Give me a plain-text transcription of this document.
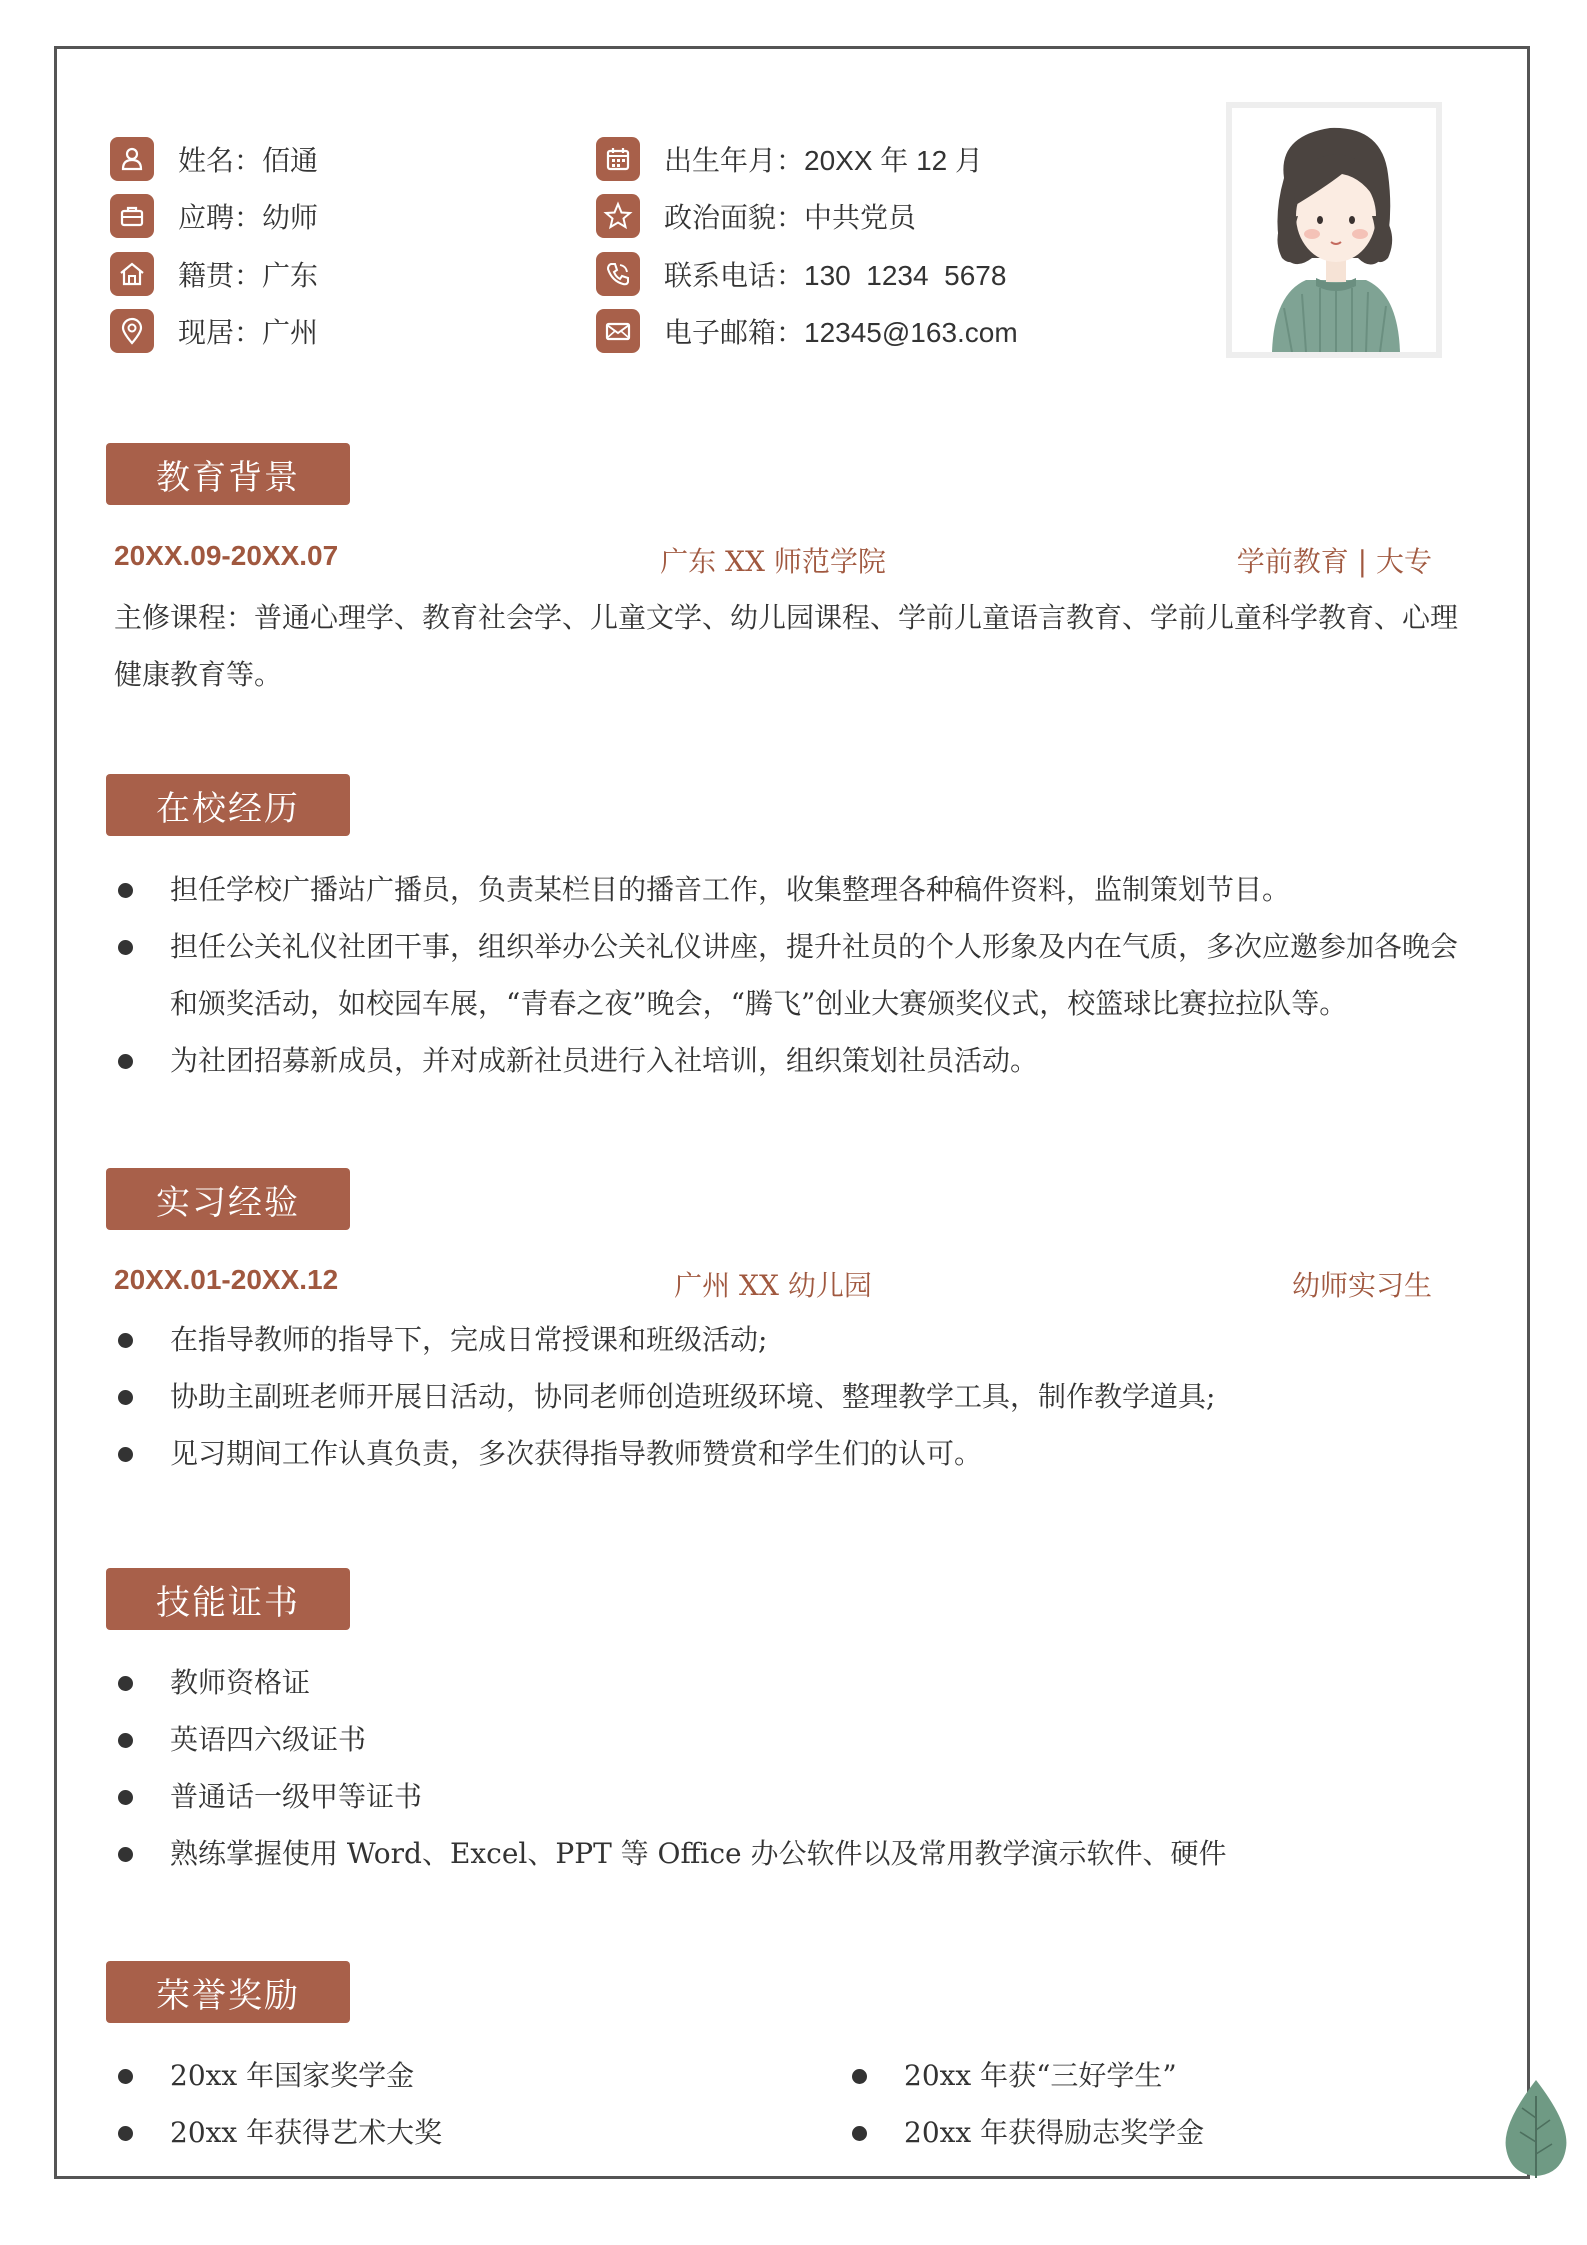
姓名： 佰通
应聘： 幼师
籍贯： 广东
现居： 广州
出生年月： 20XX 年 12 月
政治面貌： 中共党员
联系电话： 130  1234  5678
电子邮箱： 12345@163.com
教育背景
20XX.09-20XX.07	广东 XX 师范学院	学前教育 | 大专
主修课程：普通心理学、教育社会学、儿童文学、幼儿园课程、学前儿童语言教育、学前儿童科学教育、心理健康教育等。
在校经历
担任学校广播站广播员，负责某栏目的播音工作，收集整理各种稿件资料，监制策划节目。
担任公关礼仪社团干事，组织举办公关礼仪讲座，提升社员的个人形象及内在气质，多次应邀参加各晚会和颁奖活动，如校园车展，“青春之夜”晚会，“腾飞”创业大赛颁奖仪式，校篮球比赛拉拉队等。
为社团招募新成员，并对成新社员进行入社培训，组织策划社员活动。
实习经验
20XX.01-20XX.12	广州 XX 幼儿园	幼师实习生
在指导教师的指导下，完成日常授课和班级活动;
协助主副班老师开展日活动，协同老师创造班级环境、整理教学工具，制作教学道具;
见习期间工作认真负责，多次获得指导教师赞赏和学生们的认可。
技能证书
教师资格证
英语四六级证书
普通话一级甲等证书
熟练掌握使用 Word、Excel、PPT 等 Office 办公软件以及常用教学演示软件、硬件
荣誉奖励
20xx 年国家奖学金	20xx 年获“三好学生”
20xx 年获得艺术大奖	20xx 年获得励志奖学金
